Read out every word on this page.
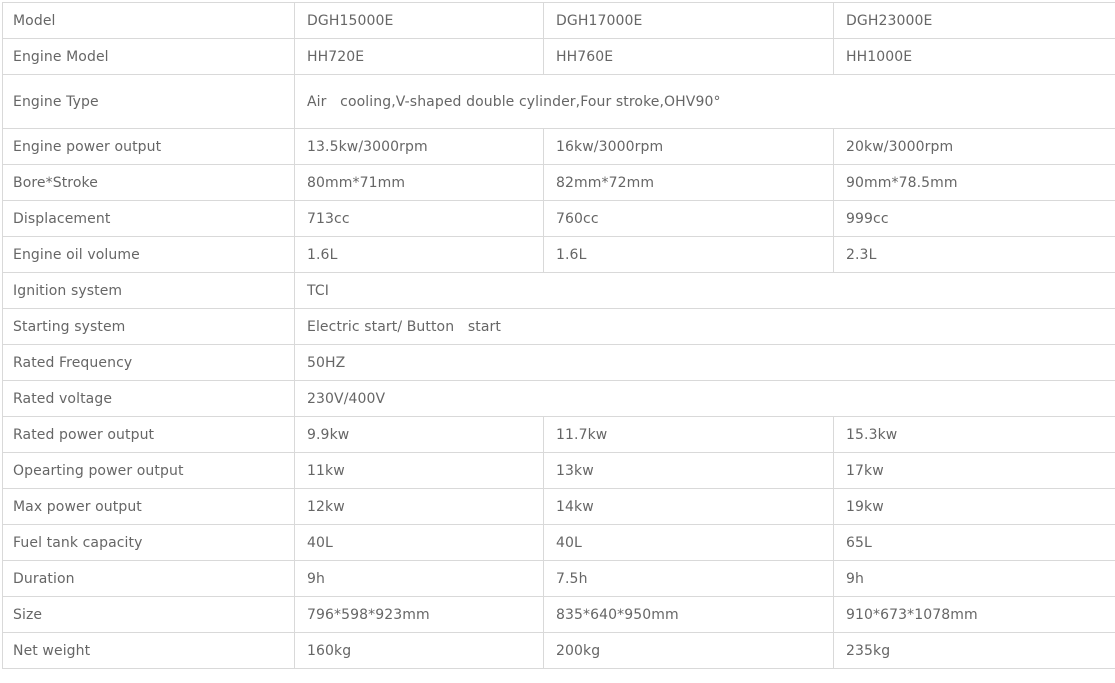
Model	DGH15000E	DGH17000E	DGH23000E
Engine Model	HH720E	HH760E	HH1000E
Engine Type	Air   cooling,V-shaped double cylinder,Four stroke,OHV90°		
Engine power output	13.5kw/3000rpm	16kw/3000rpm	20kw/3000rpm
Bore*Stroke	80mm*71mm	82mm*72mm	90mm*78.5mm
Displacement	713cc	760cc	999cc
Engine oil volume	1.6L	1.6L	2.3L
Ignition system	TCI		
Starting system	Electric start/ Button   start		
Rated Frequency	50HZ		
Rated voltage	230V/400V		
Rated power output	9.9kw	11.7kw	15.3kw
Opearting power output	11kw	13kw	17kw
Max power output	12kw	14kw	19kw
Fuel tank capacity	40L	40L	65L
Duration	9h	7.5h	9h
Size	796*598*923mm	835*640*950mm	910*673*1078mm
Net weight	160kg	200kg	235kg
